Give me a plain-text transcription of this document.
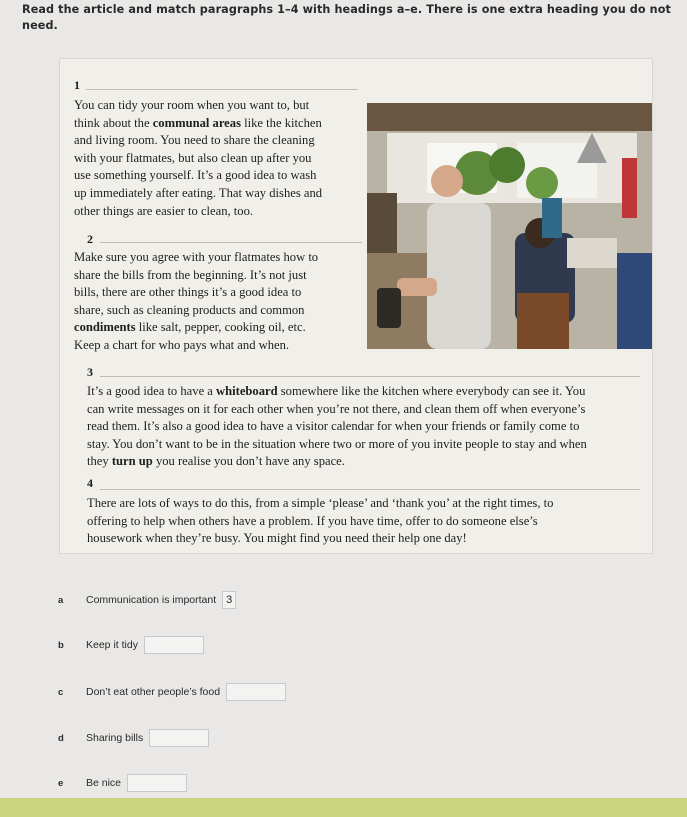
Read the article and match paragraphs 1–4 with headings a–e. There is one extra heading you do not need.
1
You can tidy your room when you want to, but
think about the communal areas like the kitchen
and living room. You need to share the cleaning
with your flatmates, but also clean up after you
use something yourself. It’s a good idea to wash
up immediately after eating. That way dishes and
other things are easier to clean, too.
2
Make sure you agree with your flatmates how to
share the bills from the beginning. It’s not just
bills, there are other things it’s a good idea to
share, such as cleaning products and common
condiments like salt, pepper, cooking oil, etc.
Keep a chart for who pays what and when.
3
It’s a good idea to have a whiteboard somewhere like the kitchen where everybody can see it. You
can write messages on it for each other when you’re not there, and clean them off when everyone’s
read them. It’s also a good idea to have a visitor calendar for when your friends or family come to
stay. You don’t want to be in the situation where two or more of you invite people to stay and when
they turn up you realise you don’t have any space.
4
There are lots of ways to do this, from a simple ‘please’ and ‘thank you’ at the right times, to
offering to help when others have a problem. If you have time, offer to do someone else’s
housework when they’re busy. You might find you need their help one day!
a	Communication is important 3
b	Keep it tidy
c	Don’t eat other people’s food
d	Sharing bills
e	Be nice
